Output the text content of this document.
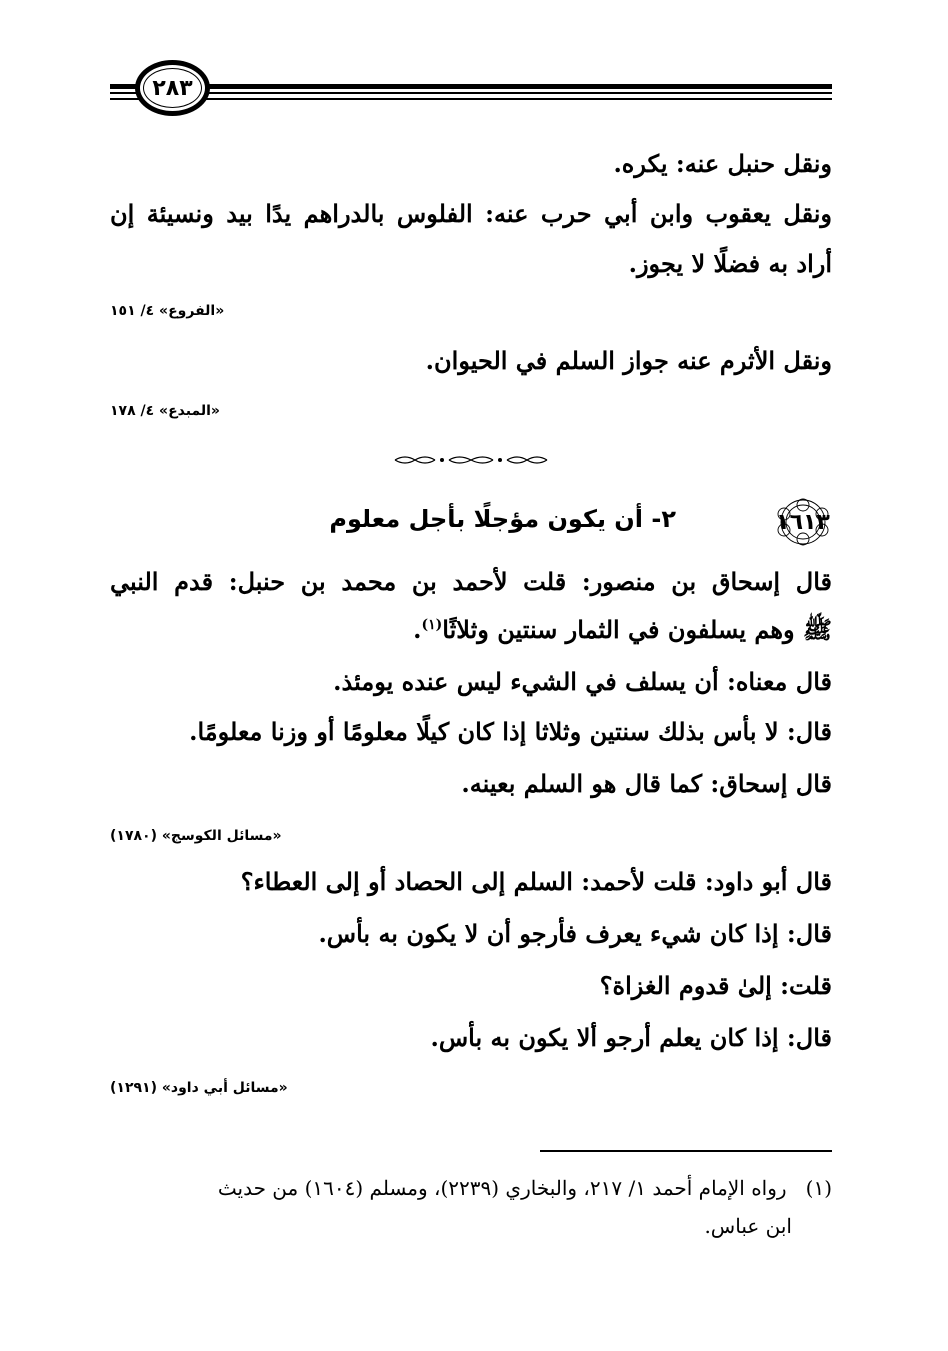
٢٨٣
ونقل حنبل عنه: يكره.
ونقل يعقوب وابن أبي حرب عنه: الفلوس بالدراهم يدًا بيد ونسيئة إن
أراد به فضلًا لا يجوز.
«الفروع» ٤/ ١٥١
ونقل الأثرم عنه جواز السلم في الحيوان.
«المبدع» ٤/ ١٧٨
١٦١٣
٢- أن يكون مؤجلًا بأجل معلوم
قال إسحاق بن منصور: قلت لأحمد بن محمد بن حنبل: قدم النبي
ﷺ وهم يسلفون في الثمار سنتين وثلاثًا$^{(١)}$.
قال معناه: أن يسلف في الشيء ليس عنده يومئذ.
قال: لا بأس بذلك سنتين وثلاثا إذا كان كيلًا معلومًا أو وزنا معلومًا.
قال إسحاق: كما قال هو السلم بعينه.
«مسائل الكوسج» (١٧٨٠)
قال أبو داود: قلت لأحمد: السلم إلى الحصاد أو إلى العطاء؟
قال: إذا كان شيء يعرف فأرجو أن لا يكون به بأس.
قلت: إلىٰ قدوم الغزاة؟
قال: إذا كان يعلم أرجو ألا يكون به بأس.
«مسائل أبي داود» (١٢٩١)
(١)   رواه الإمام أحمد ١/ ٢١٧، والبخاري (٢٢٣٩)، ومسلم (١٦٠٤) من حديث
ابن عباس.
